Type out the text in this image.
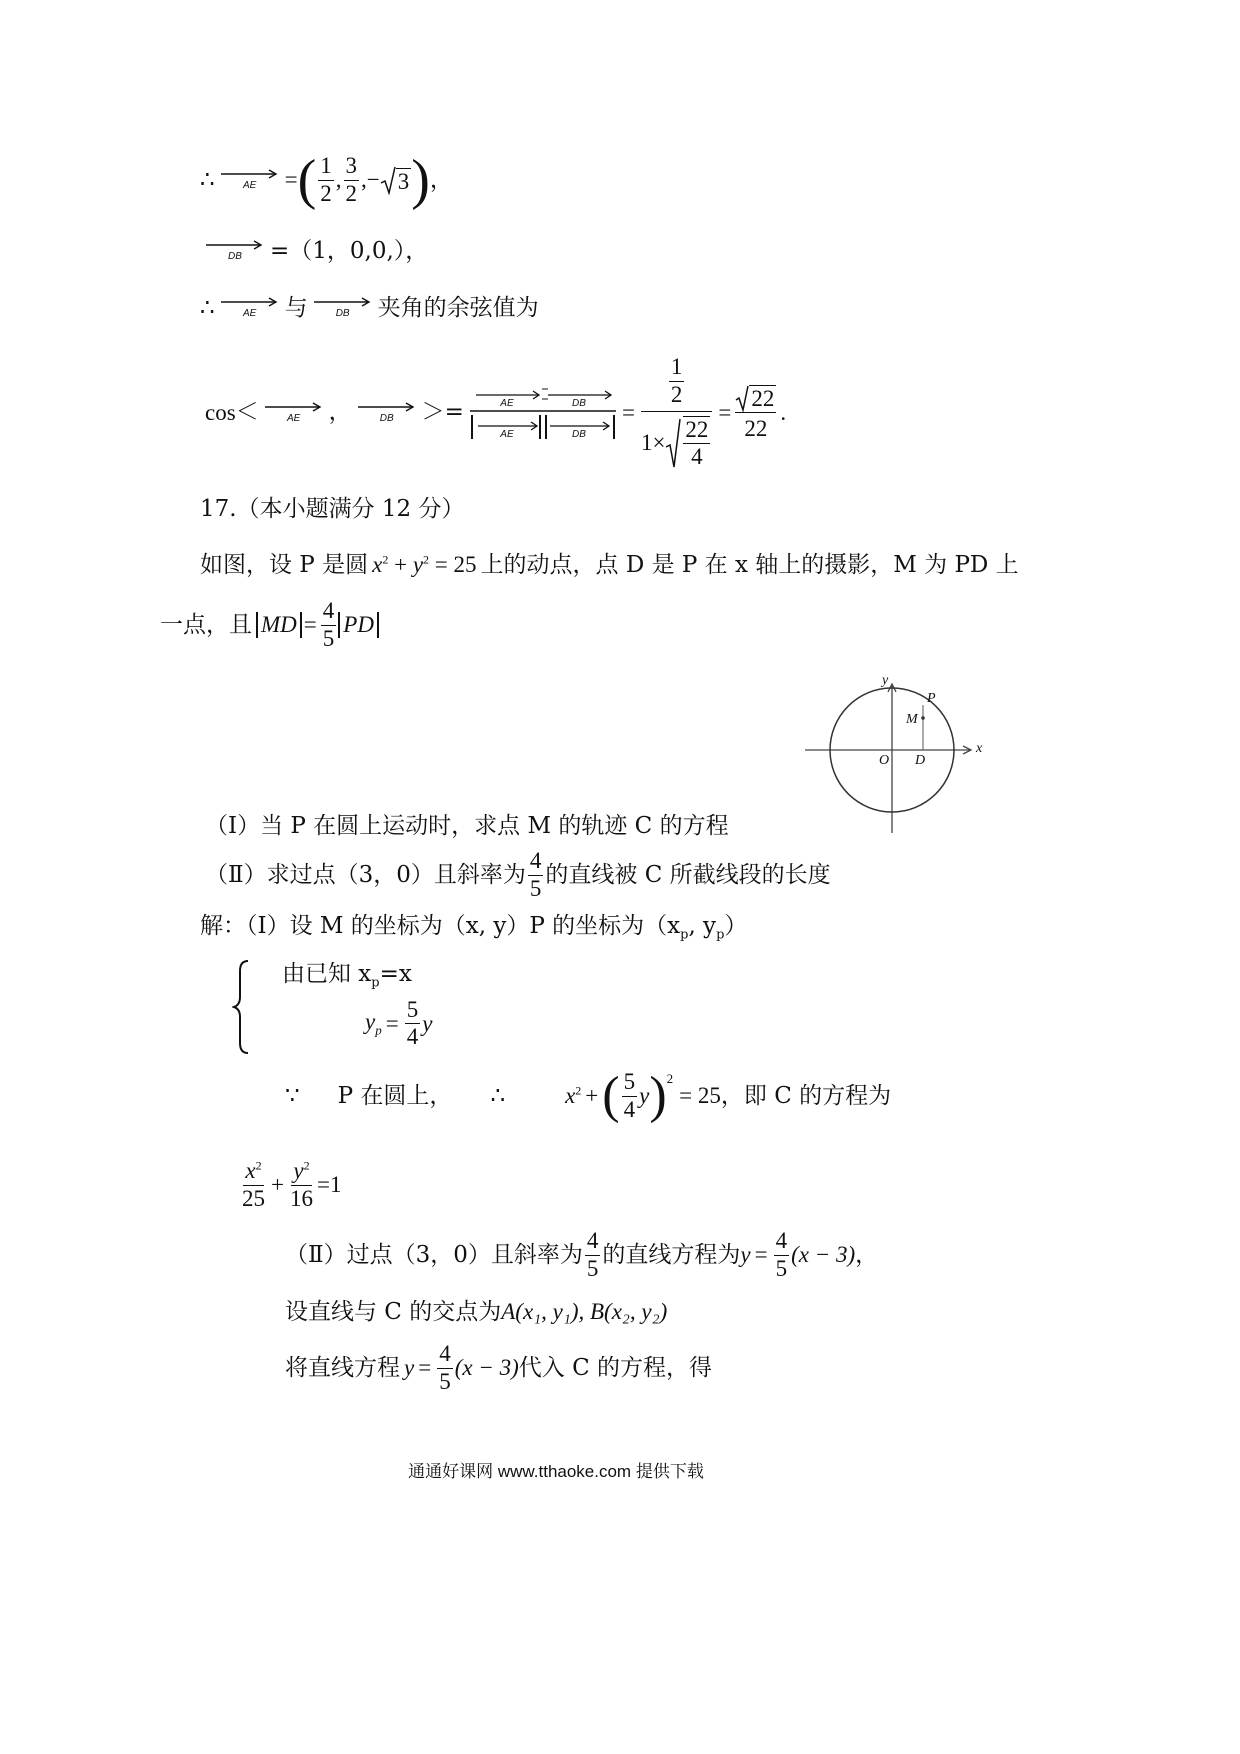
∴	AE	= ( $\frac{1}{2}$ , $\frac{3}{2}$ ,− 3 ) ，
DB	=（1，0,0,），
∴	AE	与	DB	夹角的余弦值为
cos ＜	AE	，	DB	＞=	AE	DB
AE	DB
= $\frac{\frac{1}{2}}{1\times \frac{22}{4}}$ =
22
22
.
17.（本小题满分 12 分）
如图，设 P 是圆 $x^2 + y^2 = 25$ 上的动点，点 D 是 P 在 x 轴上的摄影，M 为 PD 上
一点，且 MD = $\frac{4}{5}$ PD
y
x
P
M
O D
（Ⅰ）当 P 在圆上运动时，求点 M 的轨迹 C 的方程
（Ⅱ）求过点（3，0）且斜率为 $\frac{4}{5}$ 的直线被 C 所截线段的长度
解：（Ⅰ）设 M 的坐标为（x, y）P 的坐标为（$x_p$, $y_p$）
由已知 $x_p=x$
$y_p = \frac{5}{4}$ y
∵ P 在圆上， ∴	$x^2$ + ( $\frac{5}{4}$ y )$^2$
= 25 ，即 C 的方程为
$\frac{x^2}{25} + \frac{y^2}{16} =1$
（Ⅱ）过点（3，0）且斜率为 $\frac{4}{5}$ 的直线方程为 $y = \frac{4}{5} (x - 3)$ ，
设直线与 C 的交点为 A(x₁, y₁), B(x₂, y₂)
将直线方程 $y = \frac{4}{5} (x - 3)$ 代入 C 的方程，得
通通好课网 www.tthaoke.com 提供下载
